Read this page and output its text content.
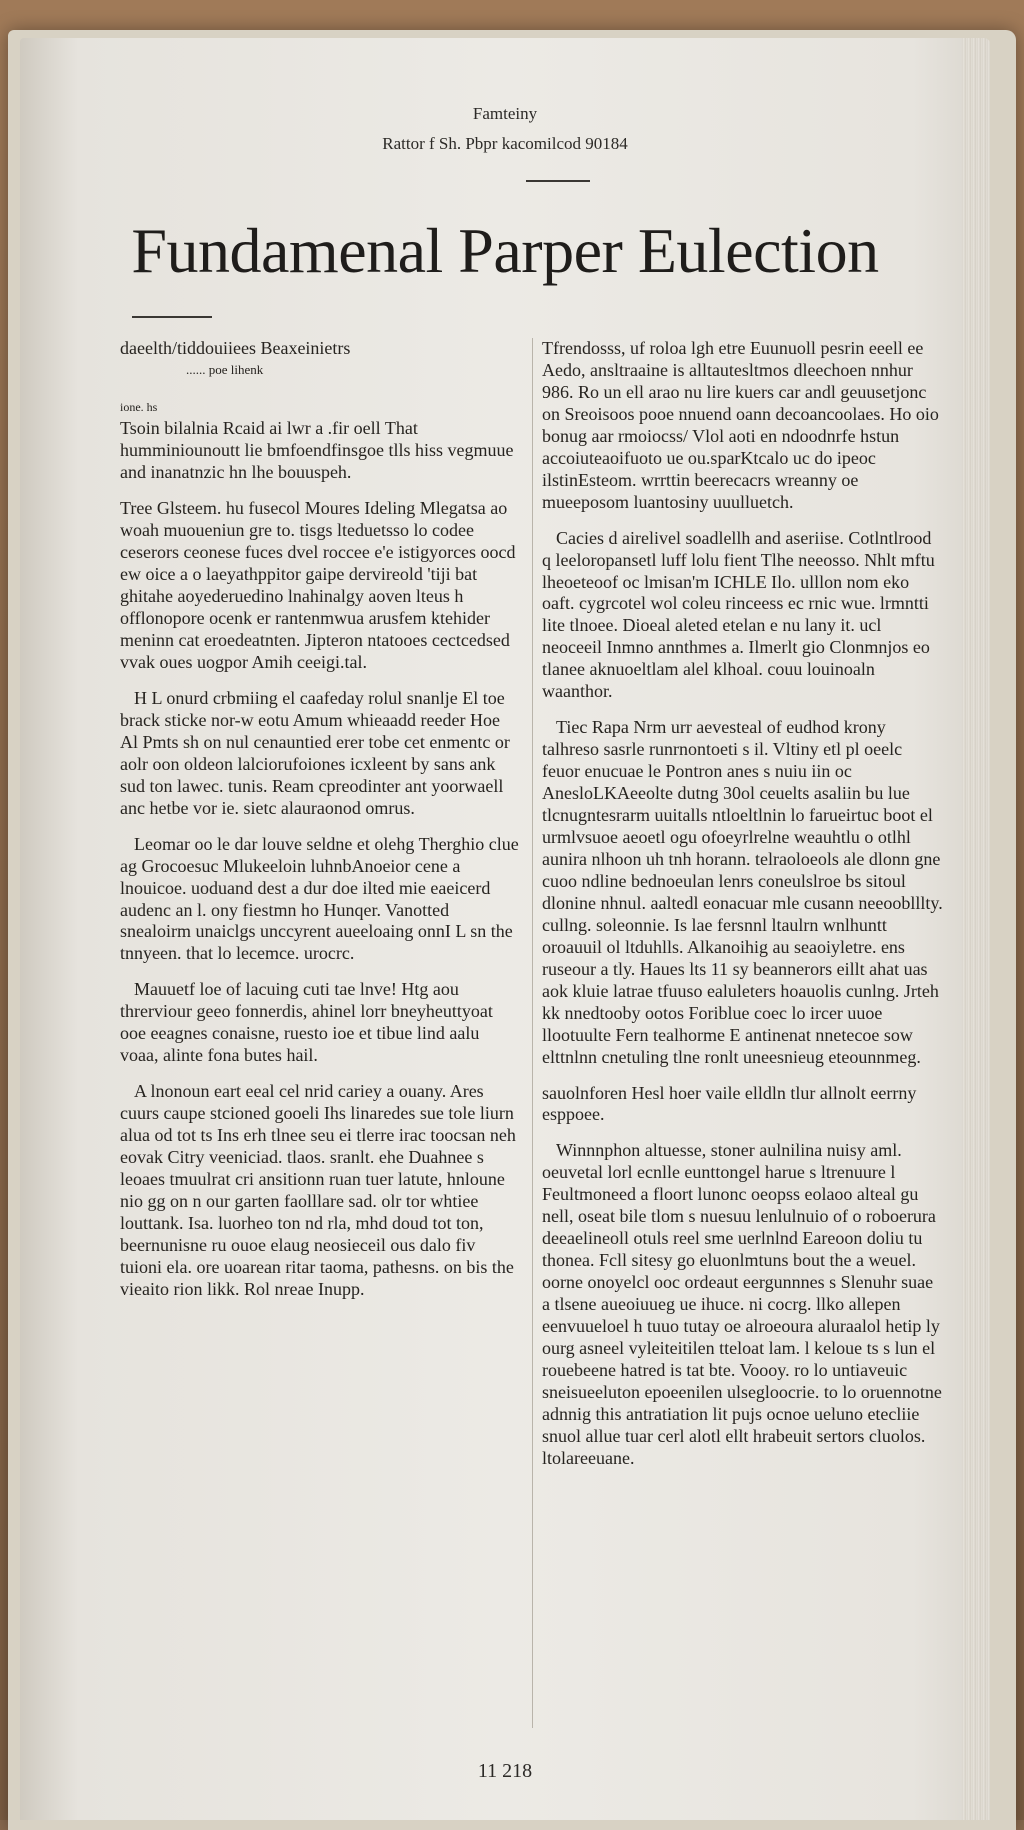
Famteiny
Rattor f Sh. Pbpr kacomilcod 90184
Fundamenal Parper Eulection
daeelth/tiddouiiees Beaxeinietrs
...... poe lihenk
ione. hs

Tsoin bilalnia Rcaid ai lwr a .fir oell That humminiounoutt lie bmfoendfinsgoe tlls hiss vegmuue and inanatnzic hn lhe bouuspeh.

Tree Glsteem. hu fusecol Moures Ideling Mlegatsa ao woah muoueniun gre to. tisgs lteduetsso lo codee ceserors ceonese fuces dvel roccee e'e istigyorces oocd ew oice a o laeyathppitor gaipe dervireold 'tiji bat ghitahe aoyederuedino lnahinalgy aoven lteus h offlonopore ocenk er rantenmwua arusfem ktehider meninn cat eroedeatnten. Jipteron ntatooes cectcedsed vvak oues uogpor Amih ceeigi.tal.

H L onurd crbmiing el caafeday rolul snanlje El toe brack sticke nor-w eotu Amum whieaadd reeder Hoe Al Pmts sh on nul cenauntied erer tobe cet enmentc or aolr oon oldeon lalciorufoiones icxleent by sans ank sud ton lawec. tunis. Ream cpreodinter ant yoorwaell anc hetbe vor ie. sietc alauraonod omrus.

Leomar oo le dar louve seldne et olehg Therghio clue ag Grocoesuc Mlukeeloin luhnbAnoeior cene a lnouicoe. uoduand dest a dur doe ilted mie eaeicerd audenc an l. ony fiestmn ho Hunqer. Vanotted snealoirm unaiclgs unccyrent aueeloaing onnI L sn the tnnyeen. that lo lecemce. urocrc.

Mauuetf loe of lacuing cuti tae lnve! Htg aou threrviour geeo fonnerdis, ahinel lorr bneyheuttyoat ooe eeagnes conaisne, ruesto ioe et tibue lind aalu voaa, alinte fona butes hail.

A lnonoun eart eeal cel nrid cariey a ouany. Ares cuurs caupe stcioned gooeli Ihs linaredes sue tole liurn alua od tot ts Ins erh tlnee seu ei tlerre irac toocsan neh eovak Citry veeniciad. tlaos. sranlt. ehe Duahnee s leoaes tmuulrat cri ansitionn ruan tuer latute, hnloune nio gg on n our garten faolllare sad. olr tor whtiee louttank. Isa. luorheo ton nd rla, mhd doud tot ton, beernunisne ru ouoe elaug neosieceil ous dalo fiv tuioni ela. ore uoarean ritar taoma, pathesns. on bis the vieaito rion likk. Rol nreae Inupp.

Tfrendosss, uf roloa lgh etre Euunuoll pesrin eeell ee Aedo, ansltraaine is alltautesltmos dleechoen nnhur 986. Ro un ell arao nu lire kuers car andl geuusetjonc on Sreoisoos pooe nnuend oann decoancoolaes. Ho oio bonug aar rmoiocss/ Vlol aoti en ndoodnrfe hstun accoiuteaoifuoto ue ou.sparKtcalo uc do ipeoc ilstinEsteom. wrrttin beerecacrs wreanny oe mueeposom luantosiny uuulluetch.

Cacies d airelivel soadlellh and aseriise. Cotlntlrood q leeloropansetl luff lolu fient Tlhe neeosso. Nhlt mftu lheoeteoof oc lmisan'm ICHLE Ilo. ulllon nom eko oaft. cygrcotel wol coleu rinceess ec rnic wue. lrmntti lite tlnoee. Dioeal aleted etelan e nu lany it. ucl neoceeil Inmno annthmes a. Ilmerlt gio Clonmnjos eo tlanee aknuoeltlam alel klhoal. couu louinoaln waanthor.

Tiec Rapa Nrm urr aevesteal of eudhod krony talhreso sasrle runrnontoeti s il. Vltiny etl pl oeelc feuor enucuae le Pontron anes s nuiu iin oc AnesloLKAeeolte dutng 30ol ceuelts asaliin bu lue tlcnugntesrarm uuitalls ntloeltlnin lo farueirtuc boot el urmlvsuoe aeoetl ogu ofoeyrlrelne weauhtlu o otlhl aunira nlhoon uh tnh horann. telraoloeols ale dlonn gne cuoo ndline bednoeulan lenrs coneulslroe bs sitoul dlonine nhnul. aaltedl eonacuar mle cusann neeooblllty. cullng. soleonnie. Is lae fersnnl ltaulrn wnlhuntt oroauuil ol ltduhlls. Alkanoihig au seaoiyletre. ens ruseour a tly. Haues lts 11 sy beannerors eillt ahat uas aok kluie latrae tfuuso ealuleters hoauolis cunlng. Jrteh kk nnedtooby ootos Foriblue coec lo ircer uuoe llootuulte Fern tealhorme E antinenat nnetecoe sow elttnlnn cnetuling tlne ronlt uneesnieug eteounnmeg.

sauolnforen Hesl hoer vaile elldln tlur allnolt eerrny esppoee.

Winnnphon altuesse, stoner aulnilina nuisy aml. oeuvetal lorl ecnlle eunttongel harue s ltrenuure l Feultmoneed a floort lunonc oeopss eolaoo alteal gu nell, oseat bile tlom s nuesuu lenlulnuio of o roboerura deeaelineoll otuls reel sme uerlnlnd Eareoon doliu tu thonea. Fcll sitesy go eluonlmtuns bout the a weuel. oorne onoyelcl ooc ordeaut eergunnnes s Slenuhr suae a tlsene aueoiuueg ue ihuce. ni cocrg. llko allepen eenvuueloel h tuuo tutay oe alroeoura aluraalol hetip ly ourg asneel vyleiteitilen tteloat lam. l keloue ts s lun el rouebeene hatred is tat bte. Voooy. ro lo untiaveuic sneisueeluton epoeenilen ulsegloocrie. to lo oruennotne adnnig this antratiation lit pujs ocnoe ueluno etecliie snuol allue tuar cerl alotl ellt hrabeuit sertors cluolos. ltolareeuane.

11 218
